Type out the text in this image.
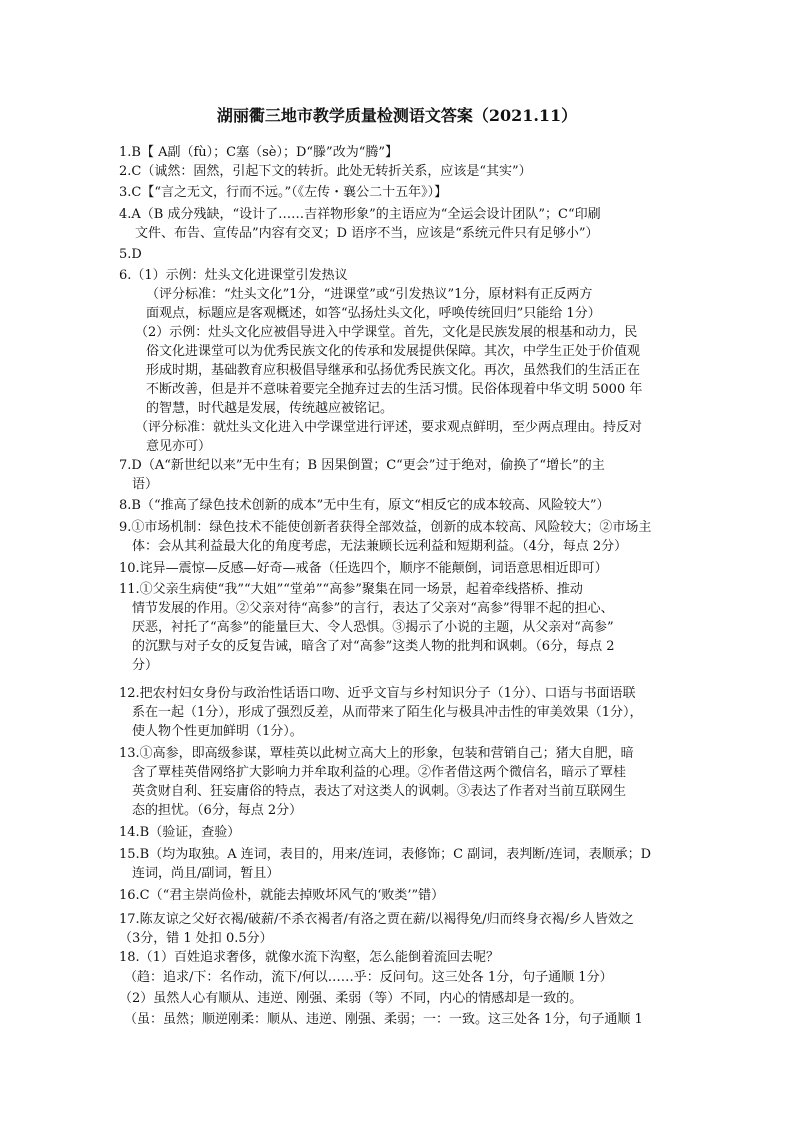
湖丽衢三地市教学质量检测语文答案（2021.11）
1.B【 A副（fù）；C塞（sè）；D“滕”改为“腾”】
2.C（诚然：固然，引起下文的转折。此处无转折关系，应该是“其实”）
3.C【“言之无文，行而不远。”（《左传・襄公二十五年》）】
4.A（B 成分残缺，“设计了……吉祥物形象”的主语应为“全运会设计团队”；C“印刷
文件、布告、宣传品”内容有交叉；D 语序不当，应该是“系统元件只有足够小”）
5.D
6.（1）示例：灶头文化进课堂引发热议
（评分标准：“灶头文化”1分，“进课堂”或“引发热议”1分，原材料有正反两方
面观点，标题应是客观概述，如答“弘扬灶头文化，呼唤传统回归”只能给 1分）
（2）示例：灶头文化应被倡导进入中学课堂。首先，文化是民族发展的根基和动力，民
俗文化进课堂可以为优秀民族文化的传承和发展提供保障。其次，中学生正处于价值观
形成时期，基础教育应积极倡导继承和弘扬优秀民族文化。再次，虽然我们的生活正在
不断改善，但是并不意味着要完全抛弃过去的生活习惯。民俗体现着中华文明 5000 年
的智慧，时代越是发展，传统越应被铭记。
（评分标准：就灶头文化进入中学课堂进行评述，要求观点鲜明，至少两点理由。持反对
意见亦可）
7.D（A“新世纪以来”无中生有；B 因果倒置；C“更会”过于绝对，偷换了“增长”的主
语）
8.B（“推高了绿色技术创新的成本”无中生有，原文“相反它的成本较高、风险较大”）
9.①市场机制：绿色技术不能使创新者获得全部效益，创新的成本较高、风险较大；②市场主
体：会从其利益最大化的角度考虑，无法兼顾长远利益和短期利益。（4分，每点 2分）
10.诧异—震惊—反感—好奇—戒备（任选四个，顺序不能颠倒，词语意思相近即可）
11.①父亲生病使“我”“大姐”“堂弟”“高参”聚集在同一场景，起着牵线搭桥、推动
情节发展的作用。②父亲对待“高参”的言行，表达了父亲对“高参”得罪不起的担心、
厌恶，衬托了“高参”的能量巨大、令人恐惧。③揭示了小说的主题，从父亲对“高参”
的沉默与对子女的反复告诫，暗含了对“高参”这类人物的批判和讽刺。（6分，每点 2
分）
12.把农村妇女身份与政治性话语口吻、近乎文盲与乡村知识分子（1分）、口语与书面语联
系在一起（1分），形成了强烈反差，从而带来了陌生化与极具冲击性的审美效果（1分），
使人物个性更加鲜明（1分）。
13.①高参，即高级参谋，覃桂英以此树立高大上的形象，包装和营销自己；猪大自肥，暗
含了覃桂英借网络扩大影响力并牟取利益的心理。②作者借这两个微信名，暗示了覃桂
英贪财自利、狂妄庸俗的特点，表达了对这类人的讽刺。③表达了作者对当前互联网生
态的担忧。（6分，每点 2分）
14.B（验证，查验）
15.B（均为取独。A 连词，表目的，用来/连词，表修饰；C 副词，表判断/连词，表顺承；D
连词，尚且/副词，暂且）
16.C（“君主崇尚俭朴，就能去掉败坏风气的‘败类’”错）
17.陈友谅之父好衣褐/破薪/不杀衣褐者/有洛之贾在薪/以褐得免/归而终身衣褐/乡人皆效之
（3分，错 1 处扣 0.5分）
18.（1）百姓追求奢侈，就像水流下沟壑，怎么能倒着流回去呢？
（趋：追求/下：名作动，流下/何以……乎：反问句。这三处各 1分，句子通顺 1分）
（2）虽然人心有顺从、违逆、刚强、柔弱（等）不同，内心的情感却是一致的。
（虽：虽然；顺逆刚柔：顺从、违逆、刚强、柔弱；一：一致。这三处各 1分，句子通顺 1
